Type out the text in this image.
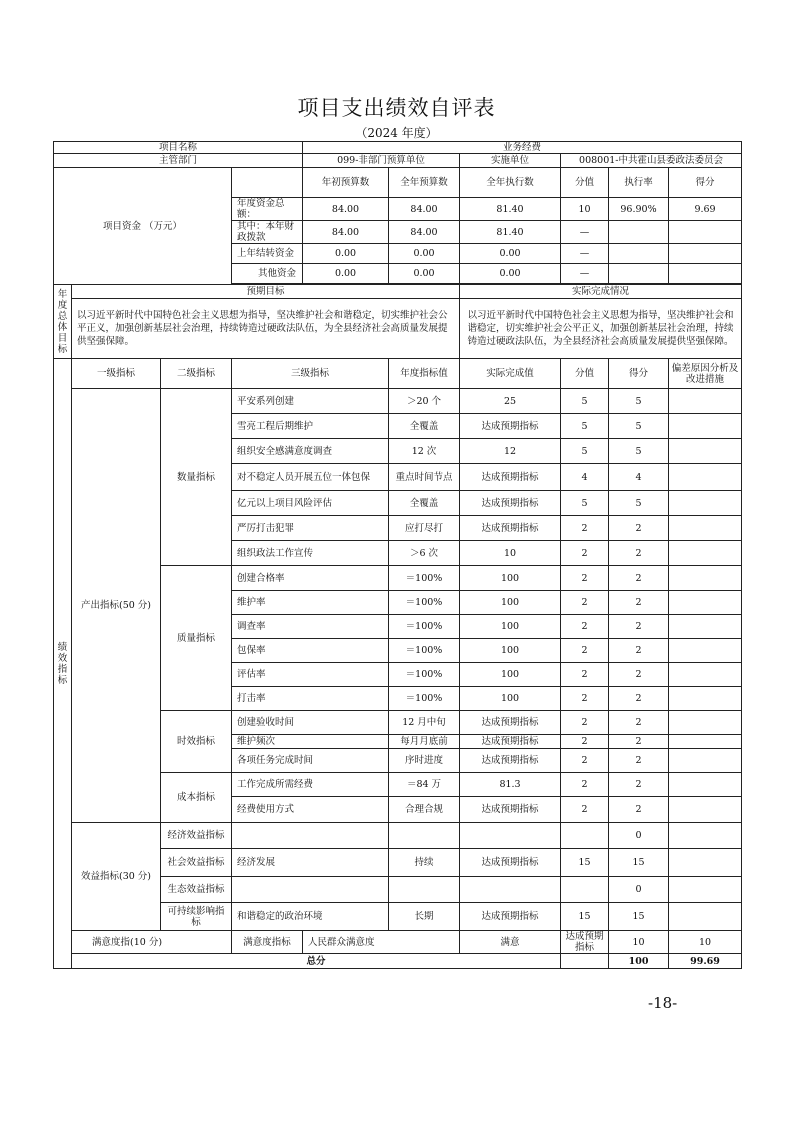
项目支出绩效自评表
（2024 年度）
项目名称				业务经费						
主管部门				099-非部门预算单位		实施单位	008001-中共霍山县委政法委员会			
项目资金 （万元）				年初预算数	全年预算数	全年执行数	分值	执行率	得分	
			年度资金总额：	84.00	84.00	81.40	10	96.90%	9.69	
			其中：本年财政拨款	84.00	84.00	81.40	—			
			上年结转资金	0.00	0.00	0.00	—			
			其他资金	0.00	0.00	0.00	—			

年度总体目标	预期目标					实际完成情况				
	以习近平新时代中国特色社会主义思想为指导，坚决维护社会和谐稳定，切实维护社会公平正义，加强创新基层社会治理，持续铸造过硬政法队伍，为全县经济社会高质量发展提供坚强保障。					以习近平新时代中国特色社会主义思想为指导，坚决维护社会和谐稳定，切实维护社会公平正义，加强创新基层社会治理，持续铸造过硬政法队伍，为全县经济社会高质量发展提供坚强保障。				
绩效指标	一级指标	二级指标	三级指标		年度指标值	实际完成值	分值	得分	偏差原因分析及改进措施	
	产出指标(50 分)	数量指标	平安系列创建		＞20 个	25	5	5		
			雪亮工程后期维护		全覆盖	达成预期指标	5	5		
			组织安全感满意度调查		12 次	12	5	5		
			对不稳定人员开展五位一体包保		重点时间节点	达成预期指标	4	4		
			亿元以上项目风险评估		全覆盖	达成预期指标	5	5		
			严厉打击犯罪		应打尽打	达成预期指标	2	2		
			组织政法工作宣传		＞6 次	10	2	2		
		质量指标	创建合格率		＝100%	100	2	2		
			维护率		＝100%	100	2	2		
			调查率		＝100%	100	2	2		
			包保率		＝100%	100	2	2		
			评估率		＝100%	100	2	2		
			打击率		＝100%	100	2	2		
		时效指标	创建验收时间		12 月中旬	达成预期指标	2	2		
			维护频次		每月月底前	达成预期指标	2	2		
			各项任务完成时间		序时进度	达成预期指标	2	2		
		成本指标	工作完成所需经费		＝84 万	81.3	2	2		
			经费使用方式		合理合规	达成预期指标	2	2		
	效益指标(30 分)	经济效益指标						0		
		社会效益指标	经济发展		持续	达成预期指标	15	15		
		生态效益指标						0		
		可持续影响指标	和谐稳定的政治环境		长期	达成预期指标	15	15		
	满意度指(10 分)		满意度指标	人民群众满意度		满意	达成预期指标	10	10	
	总分							100	99.69	
-18-
